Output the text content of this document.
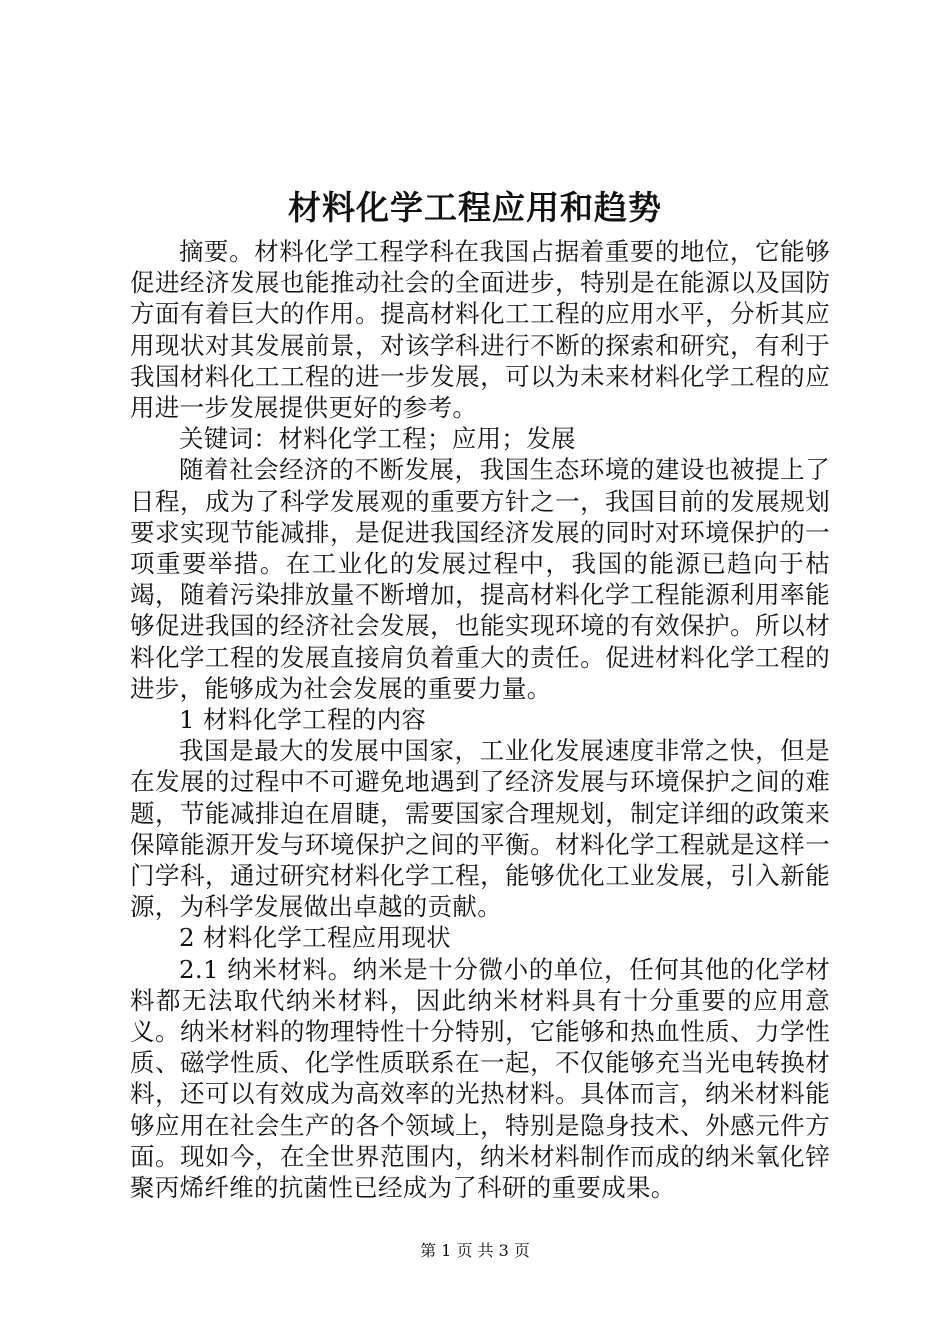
材料化学工程应用和趋势

摘要。材料化学工程学科在我国占据着重要的地位，它能够促进经济发展也能推动社会的全面进步，特别是在能源以及国防方面有着巨大的作用。提高材料化工工程的应用水平，分析其应用现状对其发展前景，对该学科进行不断的探索和研究，有利于我国材料化工工程的进一步发展，可以为未来材料化学工程的应用进一步发展提供更好的参考。

关键词：材料化学工程；应用；发展

随着社会经济的不断发展，我国生态环境的建设也被提上了日程，成为了科学发展观的重要方针之一，我国目前的发展规划要求实现节能减排，是促进我国经济发展的同时对环境保护的一项重要举措。在工业化的发展过程中，我国的能源已趋向于枯竭，随着污染排放量不断增加，提高材料化学工程能源利用率能够促进我国的经济社会发展，也能实现环境的有效保护。所以材料化学工程的发展直接肩负着重大的责任。促进材料化学工程的进步，能够成为社会发展的重要力量。

1 材料化学工程的内容

我国是最大的发展中国家，工业化发展速度非常之快，但是在发展的过程中不可避免地遇到了经济发展与环境保护之间的难题，节能减排迫在眉睫，需要国家合理规划，制定详细的政策来保障能源开发与环境保护之间的平衡。材料化学工程就是这样一门学科，通过研究材料化学工程，能够优化工业发展，引入新能源，为科学发展做出卓越的贡献。

2 材料化学工程应用现状

2.1 纳米材料。纳米是十分微小的单位，任何其他的化学材料都无法取代纳米材料，因此纳米材料具有十分重要的应用意义。纳米材料的物理特性十分特别，它能够和热血性质、力学性质、磁学性质、化学性质联系在一起，不仅能够充当光电转换材料，还可以有效成为高效率的光热材料。具体而言，纳米材料能够应用在社会生产的各个领域上，特别是隐身技术、外感元件方面。现如今，在全世界范围内，纳米材料制作而成的纳米氧化锌聚丙烯纤维的抗菌性已经成为了科研的重要成果。

第 1 页 共 3 页
